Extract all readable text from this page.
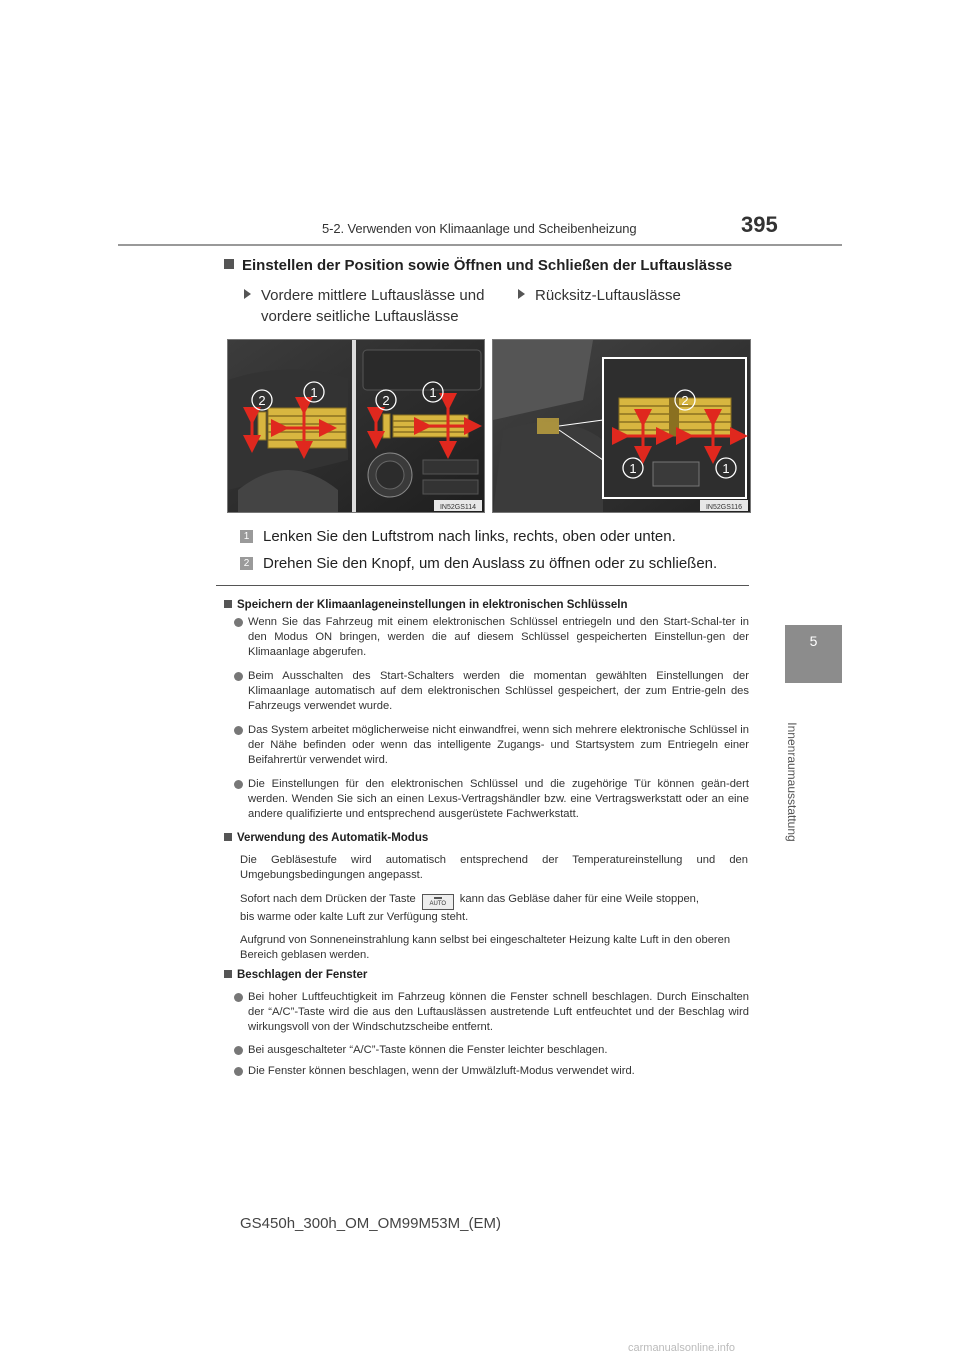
5-2. Verwenden von Klimaanlage und Scheibenheizung	395
5
Innenraumausstattung
Einstellen der Position sowie Öffnen und Schließen der Luftauslässe
Vordere mittlere Luftauslässe und
vordere seitliche Luftauslässe
Rücksitz-Luftauslässe
2
1
2
1
IN52GS114
2
1	1
IN52GS116
1 Lenken Sie den Luftstrom nach links, rechts, oben oder unten.
2 Drehen Sie den Knopf, um den Auslass zu öffnen oder zu schließen.
Speichern der Klimaanlageneinstellungen in elektronischen Schlüsseln
Wenn Sie das Fahrzeug mit einem elektronischen Schlüssel entriegeln und den Start-Schal-ter in den Modus ON bringen, werden die auf diesem Schlüssel gespeicherten Einstellun-gen der Klimaanlage abgerufen.
Beim Ausschalten des Start-Schalters werden die momentan gewählten Einstellungen der Klimaanlage automatisch auf dem elektronischen Schlüssel gespeichert, der zum Entrie-geln des Fahrzeugs verwendet wurde.
Das System arbeitet möglicherweise nicht einwandfrei, wenn sich mehrere elektronische Schlüssel in der Nähe befinden oder wenn das intelligente Zugangs- und Startsystem zum Entriegeln einer Beifahrertür verwendet wird.
Die Einstellungen für den elektronischen Schlüssel und die zugehörige Tür können geän-dert werden. Wenden Sie sich an einen Lexus-Vertragshändler bzw. eine Vertragswerkstatt oder an eine andere qualifizierte und entsprechend ausgerüstete Fachwerkstatt.
Verwendung des Automatik-Modus
Die Gebläsestufe wird automatisch entsprechend der Temperatureinstellung und den Umgebungsbedingungen angepasst.
Sofort nach dem Drücken der Taste AUTO kann das Gebläse daher für eine Weile stoppen,
bis warme oder kalte Luft zur Verfügung steht.
Aufgrund von Sonneneinstrahlung kann selbst bei eingeschalteter Heizung kalte Luft in den oberen Bereich geblasen werden.
Beschlagen der Fenster
Bei hoher Luftfeuchtigkeit im Fahrzeug können die Fenster schnell beschlagen. Durch Einschalten der “A/C”-Taste wird die aus den Luftauslässen austretende Luft entfeuchtet und der Beschlag wird wirkungsvoll von der Windschutzscheibe entfernt.
Bei ausgeschalteter “A/C”-Taste können die Fenster leichter beschlagen.
Die Fenster können beschlagen, wenn der Umwälzluft-Modus verwendet wird.
GS450h_300h_OM_OM99M53M_(EM)
carmanualsonline.info
